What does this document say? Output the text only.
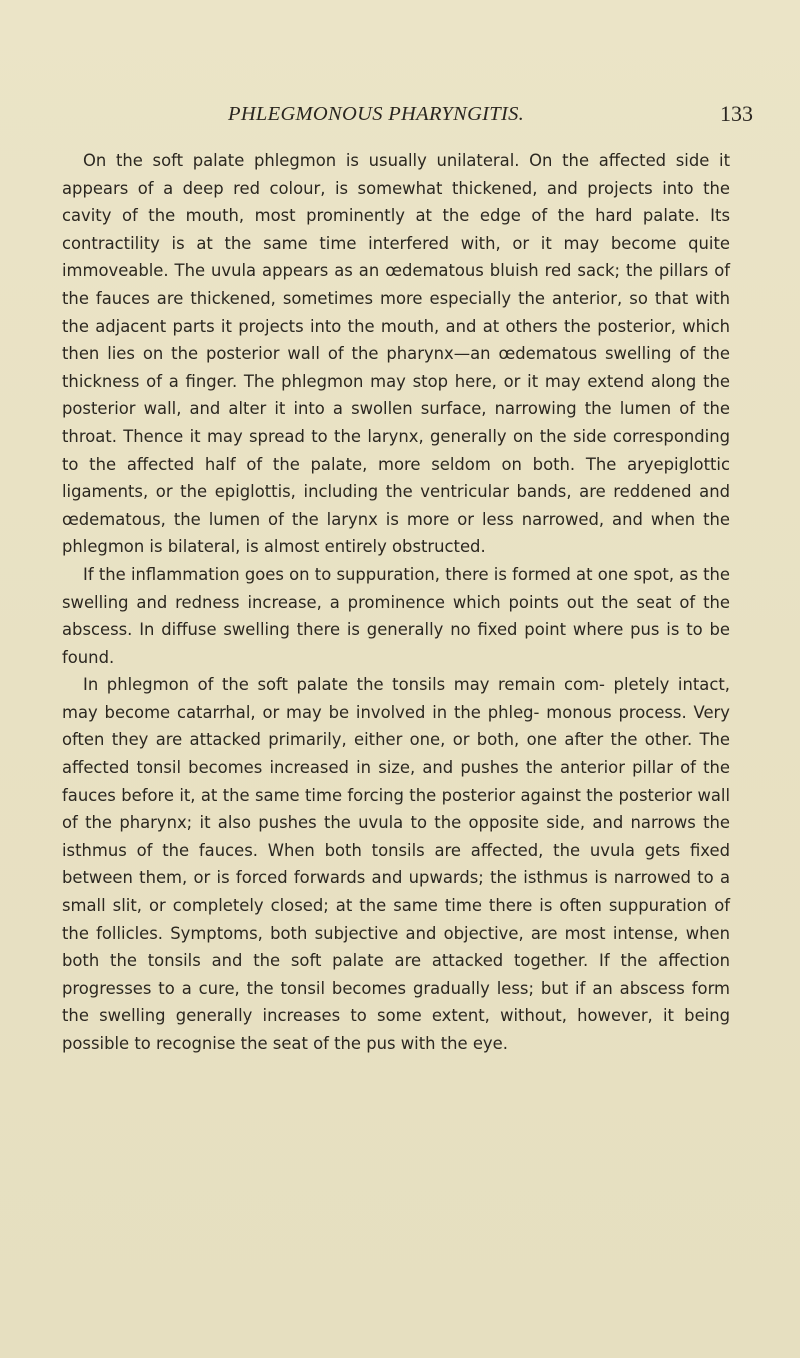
PHLEGMONOUS PHARYNGITIS.	133

On the soft palate phlegmon is usually unilateral. On the affected side it appears of a deep red colour, is somewhat thickened, and projects into the cavity of the mouth, most prominently at the edge of the hard palate. Its contractility is at the same time interfered with, or it may become quite immoveable. The uvula appears as an œdematous bluish red sack; the pillars of the fauces are thickened, sometimes more especially the anterior, so that with the adjacent parts it projects into the mouth, and at others the posterior, which then lies on the posterior wall of the pharynx—an œdematous swelling of the thickness of a finger. The phlegmon may stop here, or it may extend along the posterior wall, and alter it into a swollen surface, narrowing the lumen of the throat. Thence it may spread to the larynx, generally on the side corresponding to the affected half of the palate, more seldom on both. The aryepiglottic ligaments, or the epiglottis, including the ventricular bands, are reddened and œdematous, the lumen of the larynx is more or less narrowed, and when the phlegmon is bilateral, is almost entirely obstructed.

If the inflammation goes on to suppuration, there is formed at one spot, as the swelling and redness increase, a prominence which points out the seat of the abscess. In diffuse swelling there is generally no fixed point where pus is to be found.

In phlegmon of the soft palate the tonsils may remain com- pletely intact, may become catarrhal, or may be involved in the phleg- monous process. Very often they are attacked primarily, either one, or both, one after the other. The affected tonsil becomes increased in size, and pushes the anterior pillar of the fauces before it, at the same time forcing the posterior against the posterior wall of the pharynx; it also pushes the uvula to the opposite side, and narrows the isthmus of the fauces. When both tonsils are affected, the uvula gets fixed between them, or is forced forwards and upwards; the isthmus is narrowed to a small slit, or completely closed; at the same time there is often suppuration of the follicles. Symptoms, both subjective and objective, are most intense, when both the tonsils and the soft palate are attacked together. If the affection progresses to a cure, the tonsil becomes gradually less; but if an abscess form the swelling generally increases to some extent, without, however, it being possible to recognise the seat of the pus with the eye.
